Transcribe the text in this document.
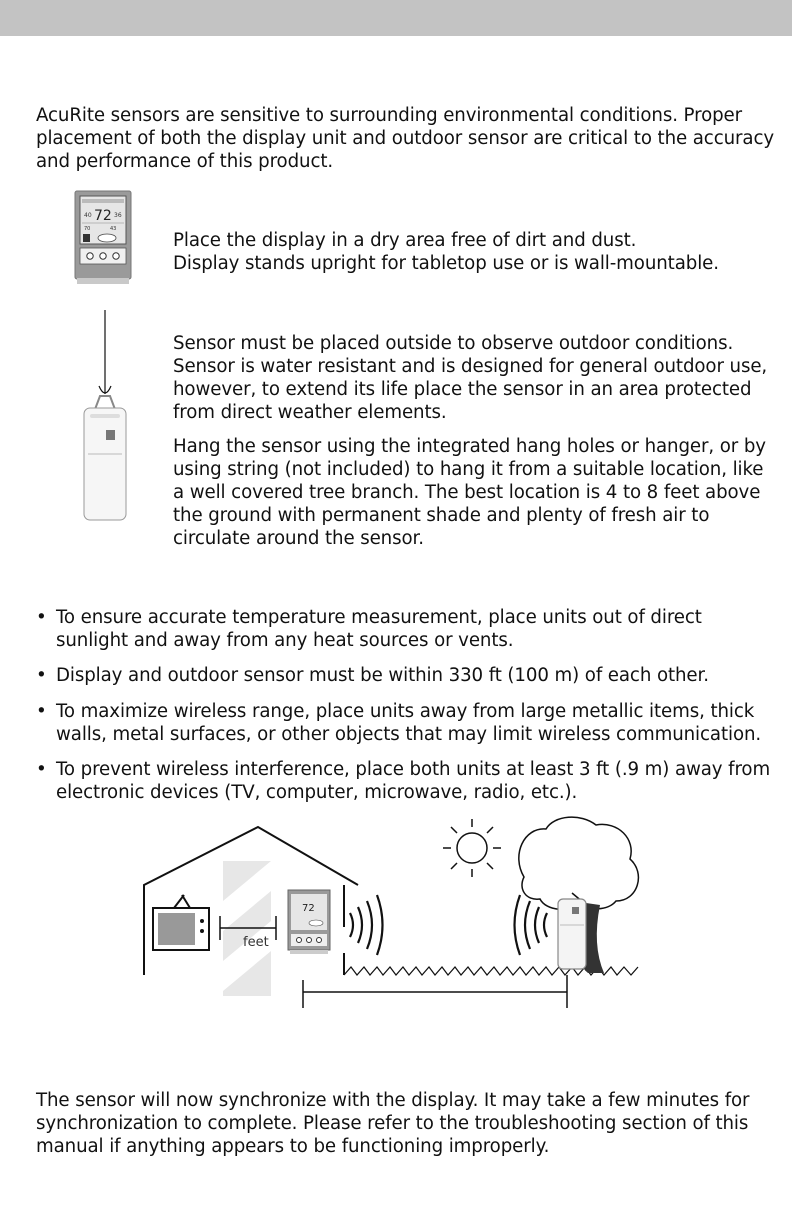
AcuRite sensors are sensitive to surrounding environmental conditions. Proper placement of both the display unit and outdoor sensor are critical to the accuracy and performance of this product.

40 72 36
70	43

Place the display in a dry area free of dirt and dust.
Display stands upright for tabletop use or is wall-mountable.

Sensor must be placed outside to observe outdoor conditions. Sensor is water resistant and is designed for general outdoor use, however, to extend its life place the sensor in an area protected from direct weather elements.

Hang the sensor using the integrated hang holes or hanger, or by using string (not included) to hang it from a suitable location, like a well covered tree branch. The best location is 4 to 8 feet above the ground with permanent shade and plenty of fresh air to circulate around the sensor.

• To ensure accurate temperature measurement, place units out of direct sunlight and away from any heat sources or vents.
• Display and outdoor sensor must be within 330 ft (100 m) of each other.
• To maximize wireless range, place units away from large metallic items, thick walls, metal surfaces, or other objects that may limit wireless communication.
• To prevent wireless interference, place both units at least 3 ft (.9 m) away from electronic devices (TV, computer, microwave, radio, etc.).
feet
72

The sensor will now synchronize with the display. It may take a few minutes for synchronization to complete. Please refer to the troubleshooting section of this manual if anything appears to be functioning improperly.
